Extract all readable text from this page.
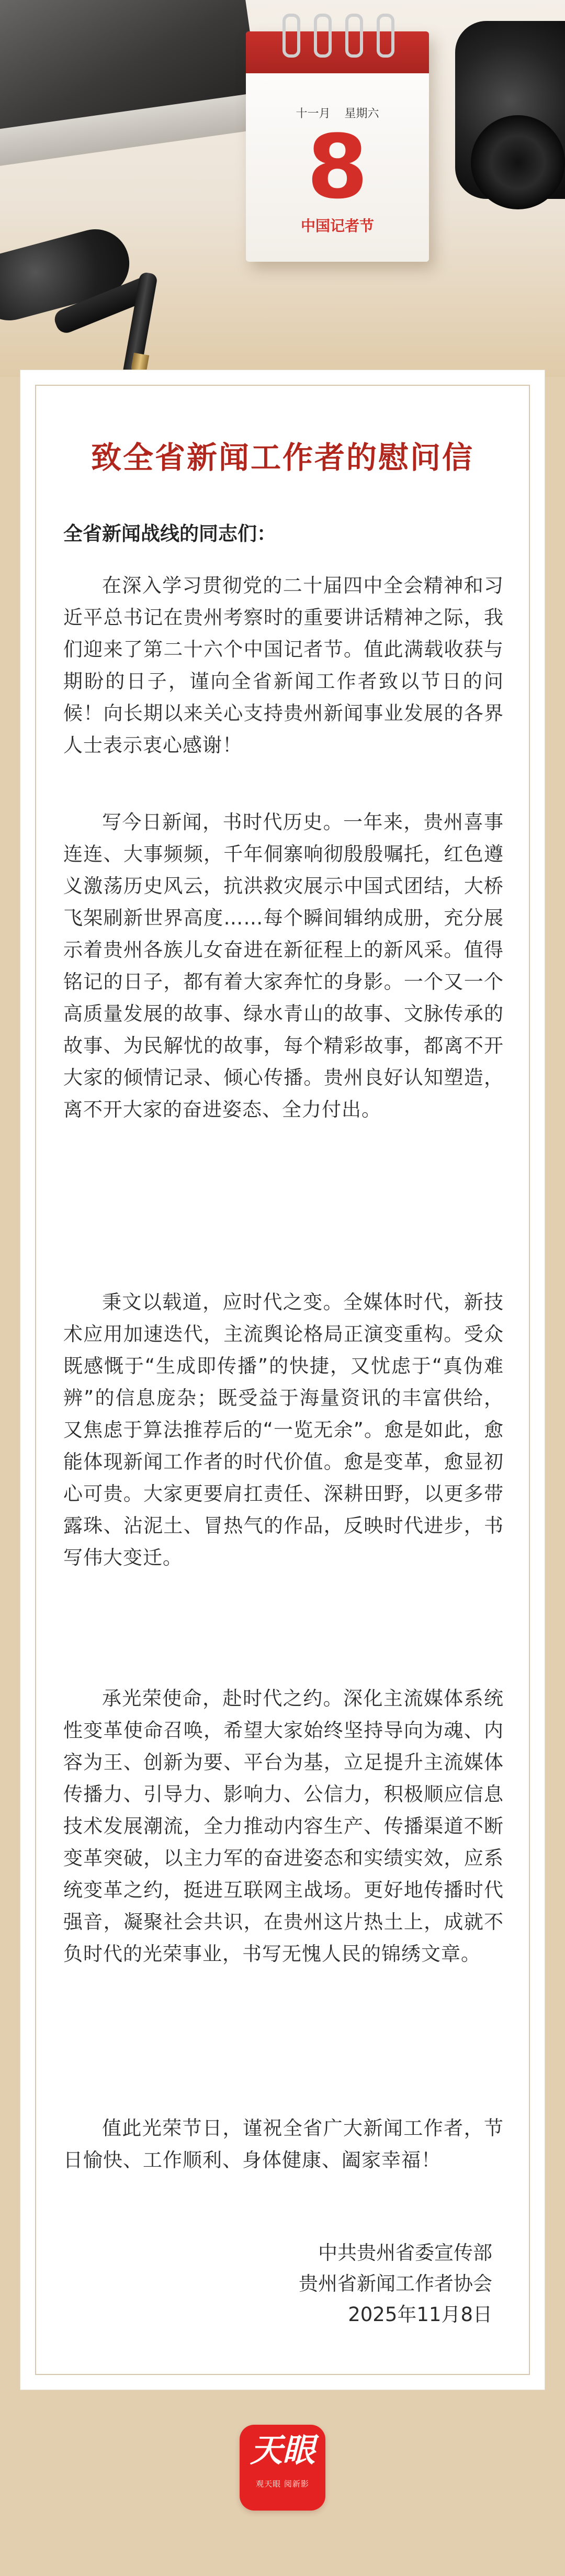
十一月 星期六
8
中国记者节
致全省新闻工作者的慰问信
全省新闻战线的同志们：

在深入学习贯彻党的二十届四中全会精神和习近平总书记在贵州考察时的重要讲话精神之际，我们迎来了第二十六个中国记者节。值此满载收获与期盼的日子，谨向全省新闻工作者致以节日的问候！向长期以来关心支持贵州新闻事业发展的各界人士表示衷心感谢！

写今日新闻，书时代历史。一年来，贵州喜事连连、大事频频，千年侗寨响彻殷殷嘱托，红色遵义激荡历史风云，抗洪救灾展示中国式团结，大桥飞架刷新世界高度……每个瞬间辑纳成册，充分展示着贵州各族儿女奋进在新征程上的新风采。值得铭记的日子，都有着大家奔忙的身影。一个又一个高质量发展的故事、绿水青山的故事、文脉传承的故事、为民解忧的故事，每个精彩故事，都离不开大家的倾情记录、倾心传播。贵州良好认知塑造，离不开大家的奋进姿态、全力付出。

秉文以载道，应时代之变。全媒体时代，新技术应用加速迭代，主流舆论格局正演变重构。受众既感慨于“生成即传播”的快捷，又忧虑于“真伪难辨”的信息庞杂；既受益于海量资讯的丰富供给，又焦虑于算法推荐后的“一览无余”。愈是如此，愈能体现新闻工作者的时代价值。愈是变革，愈显初心可贵。大家更要肩扛责任、深耕田野，以更多带露珠、沾泥土、冒热气的作品，反映时代进步，书写伟大变迁。

承光荣使命，赴时代之约。深化主流媒体系统性变革使命召唤，希望大家始终坚持导向为魂、内容为王、创新为要、平台为基，立足提升主流媒体传播力、引导力、影响力、公信力，积极顺应信息技术发展潮流，全力推动内容生产、传播渠道不断变革突破，以主力军的奋进姿态和实绩实效，应系统变革之约，挺进互联网主战场。更好地传播时代强音，凝聚社会共识，在贵州这片热土上，成就不负时代的光荣事业，书写无愧人民的锦绣文章。

值此光荣节日，谨祝全省广大新闻工作者，节日愉快、工作顺利、身体健康、阖家幸福！

中共贵州省委宣传部
贵州省新闻工作者协会
2025年11月8日
天眼
观天眼 阅新影
